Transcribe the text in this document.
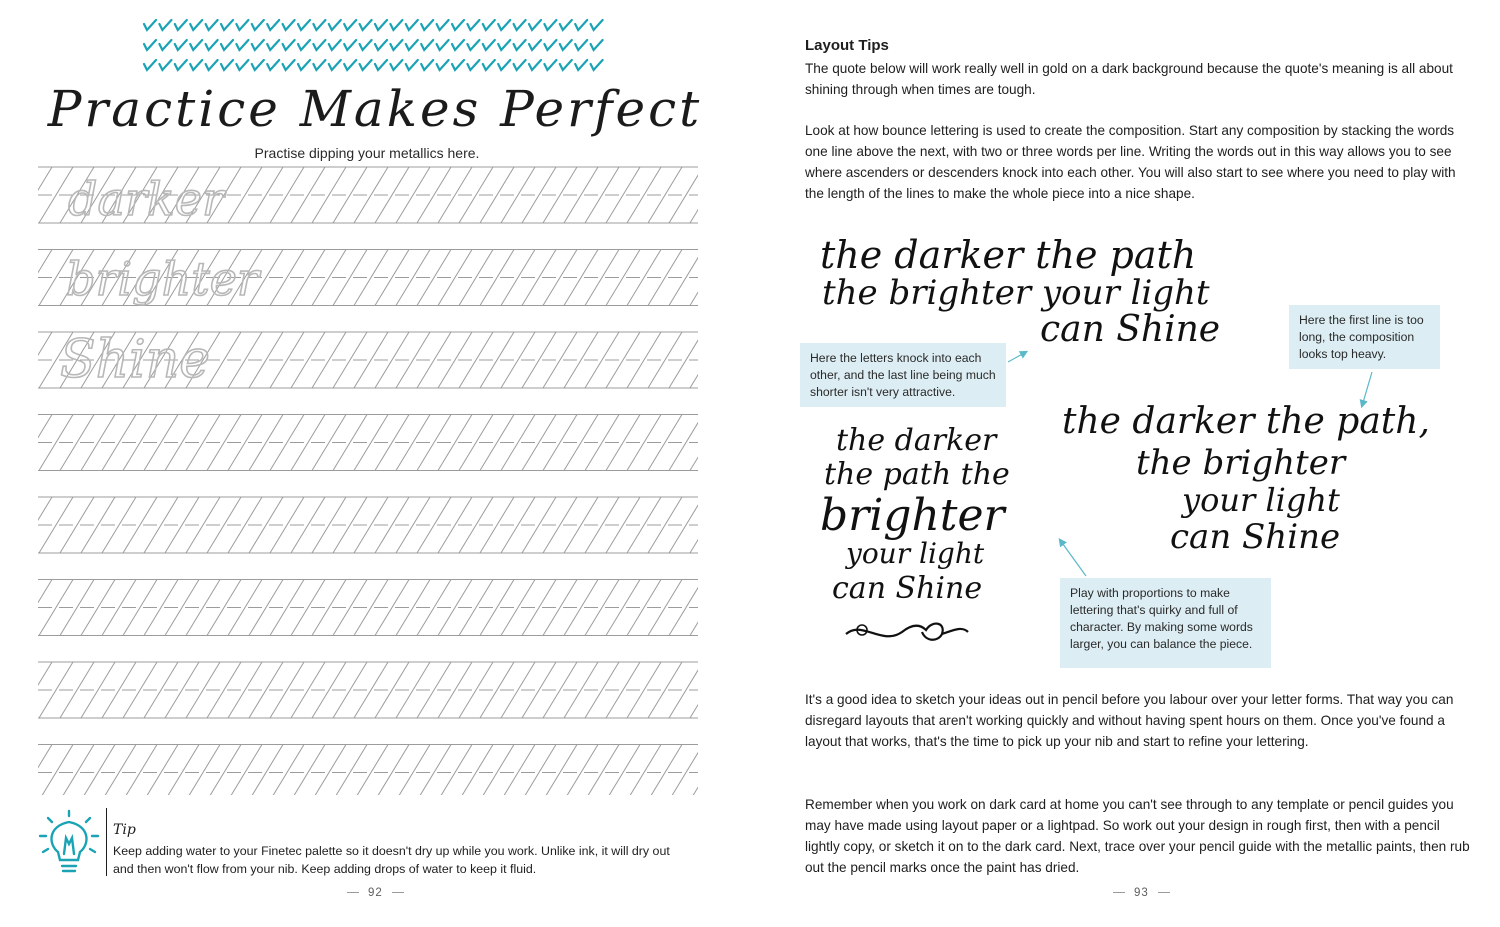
Practice Makes Perfect
Practise dipping your metallics here.
darker
brighter
Shine
Tip
Keep adding water to your Finetec palette so it doesn't dry up while you work. Unlike ink, it will dry out and then won't flow from your nib. Keep adding drops of water to keep it fluid.
92
Layout Tips

The quote below will work really well in gold on a dark background because the quote's meaning is all about shining through when times are tough.

Look at how bounce lettering is used to create the composition. Start any composition by stacking the words one line above the next, with two or three words per line. Writing the words out in this way allows you to see where ascenders or descenders knock into each other. You will also start to see where you need to play with the length of the lines to make the whole piece into a nice shape.

the darker the path
the brighter your light
can Shine
the darker
the path the
brighter
your light
can Shine
the darker the path,
the brighter
your light
can Shine
Here the letters knock into each other, and the last line being much shorter isn't very attractive.
Here the first line is too long, the composition looks top heavy.
Play with proportions to make lettering that's quirky and full of character. By making some words larger, you can balance the piece.

It's a good idea to sketch your ideas out in pencil before you labour over your letter forms. That way you can disregard layouts that aren't working quickly and without having spent hours on them. Once you've found a layout that works, that's the time to pick up your nib and start to refine your lettering.

Remember when you work on dark card at home you can't see through to any template or pencil guides you may have made using layout paper or a lightpad. So work out your design in rough first, then with a pencil lightly copy, or sketch it on to the dark card. Next, trace over your pencil guide with the metallic paints, then rub out the pencil marks once the paint has dried.

93
